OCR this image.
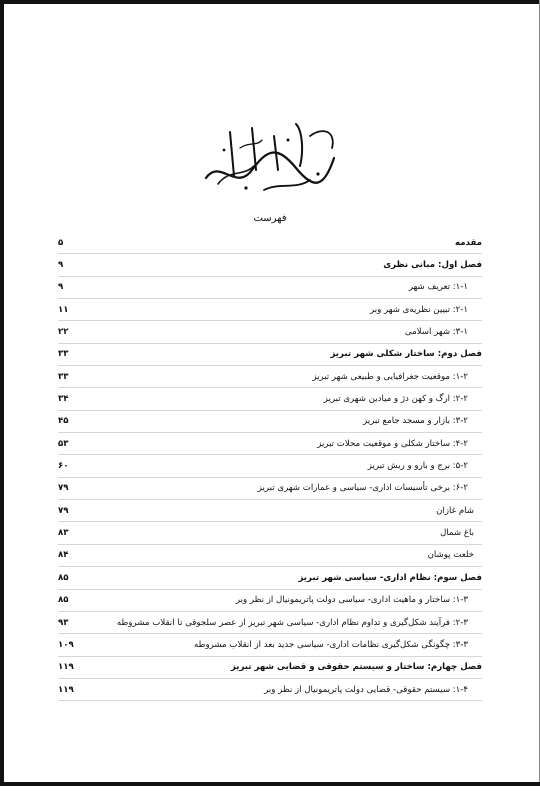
فهرست
۵	مقدمه
۹	فصل اول: مبانی نظری
۹	۱-۱: تعریف شهر
۱۱	۲-۱: تبیین نظریه‌ی شهر وبر
۲۲	۳-۱: شهر اسلامی
۳۳	فصل دوم: ساختار شکلی شهر تبریز
۳۳	۱-۲: موقعیت جغرافیایی و طبیعی شهر تبریز
۳۴	۲-۲: ارگ و کهن دژ و میادین شهری تبریز
۴۵	۳-۲: بازار و مسجد جامع تبریز
۵۳	۴-۲: ساختار شکلی و موقعیت محلات تبریز
۶۰	۵-۲: برج و بارو و ربش تبریز
۷۹	۶-۲: برخی تأسیسات اداری- سیاسی و عمارات شهری تبریز
۷۹	شام غازان
۸۳	باغ شمال
۸۴	خلعت پوشان
۸۵	فصل سوم: نظام اداری- سیاسی شهر تبریز
۸۵	۱-۳: ساختار و ماهیت اداری- سیاسی دولت پاتریمونیال از نظر وبر
۹۳	۲-۳: فرآیند شکل‌گیری و تداوم نظام اداری- سیاسی شهر تبریز از عصر سلجوقی تا انقلاب مشروطه
۱۰۹	۳-۳: چگونگی شکل‌گیری نظامات اداری- سیاسی جدید بعد از انقلاب مشروطه
۱۱۹	فصل چهارم: ساختار و سیستم حقوقی و قضایی شهر تبریز
۱۱۹	۱-۴: سیستم حقوقی- قضایی دولت پاتریمونیال از نظر وبر
